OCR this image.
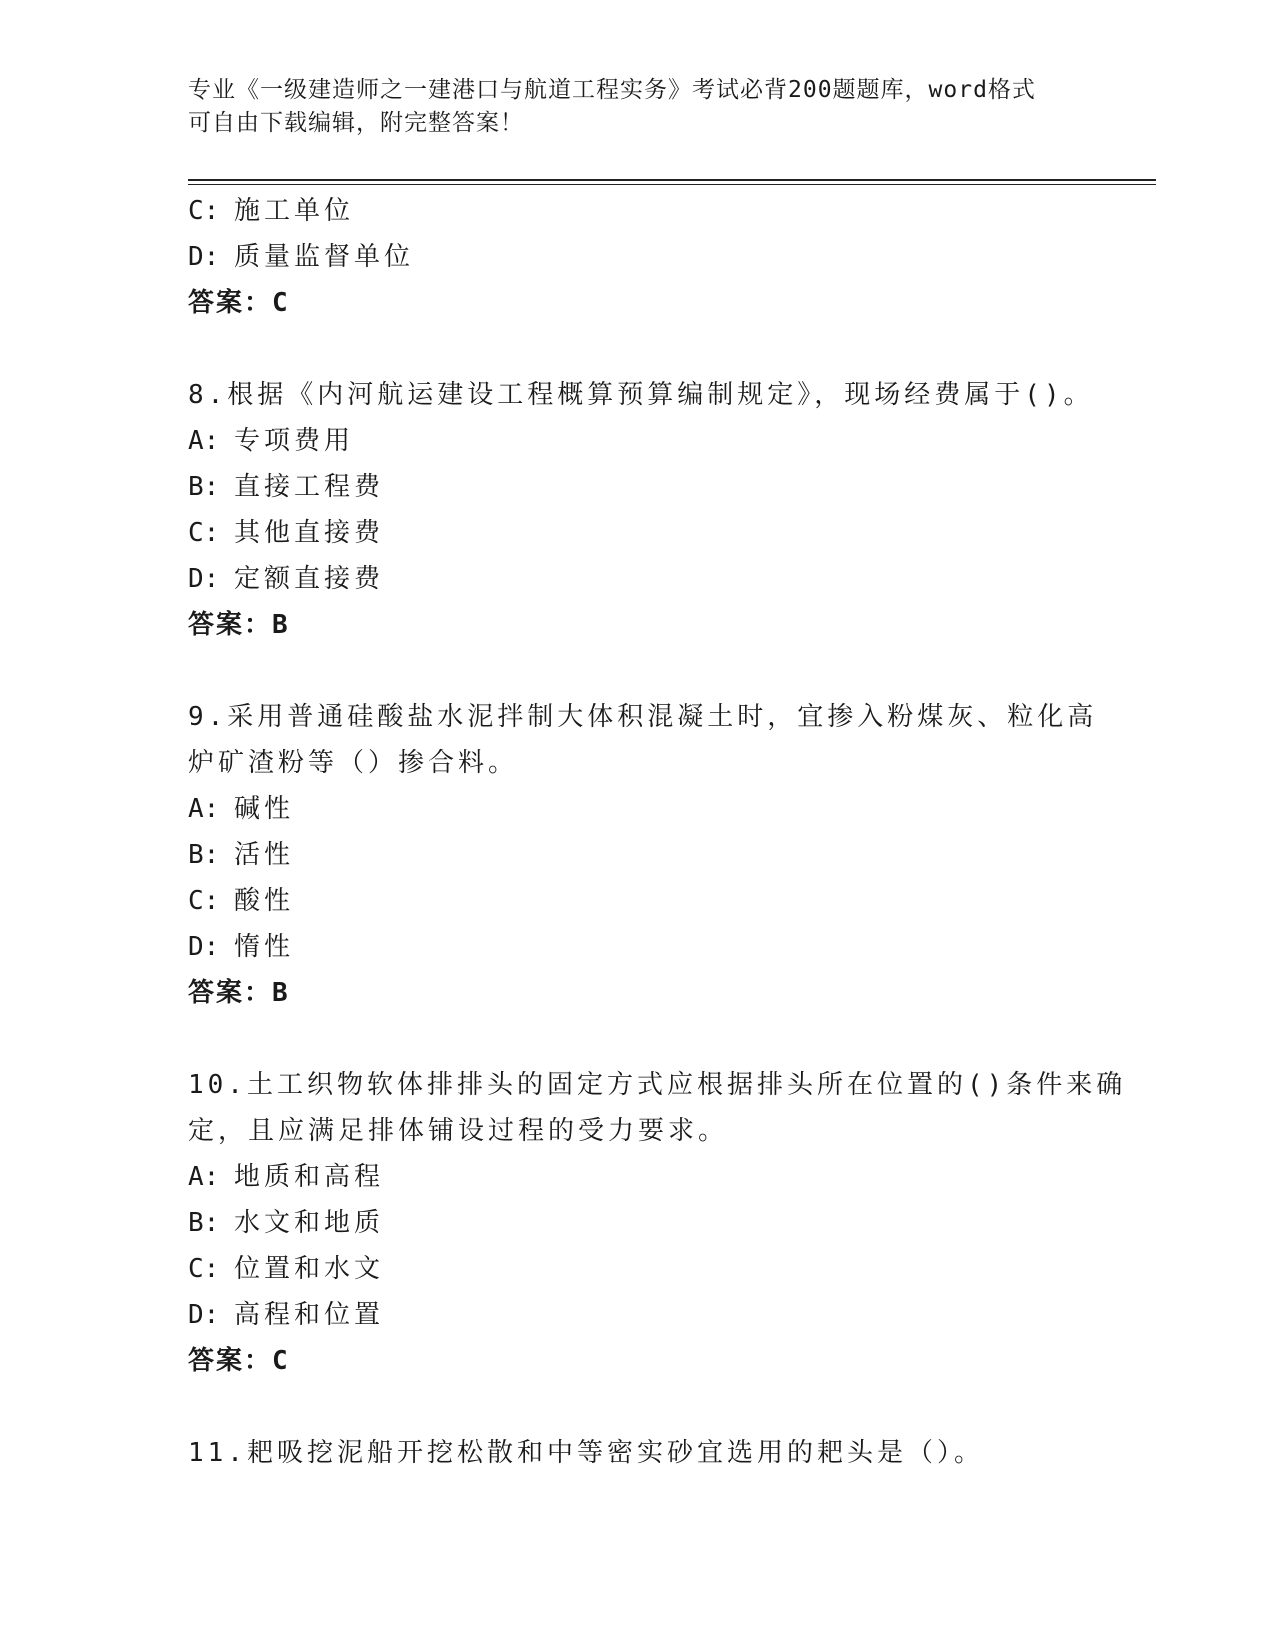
专业《一级建造师之一建港口与航道工程实务》考试必背200题题库，word格式
可自由下载编辑，附完整答案！
C: 施工单位
D: 质量监督单位
答案：C
8.根据《内河航运建设工程概算预算编制规定》，现场经费属于()。
A: 专项费用
B: 直接工程费
C: 其他直接费
D: 定额直接费
答案：B
9.采用普通硅酸盐水泥拌制大体积混凝土时，宜掺入粉煤灰、粒化高
炉矿渣粉等（）掺合料。
A: 碱性
B: 活性
C: 酸性
D: 惰性
答案：B
10.土工织物软体排排头的固定方式应根据排头所在位置的()条件来确
定，且应满足排体铺设过程的受力要求。
A: 地质和高程
B: 水文和地质
C: 位置和水文
D: 高程和位置
答案：C
11.耙吸挖泥船开挖松散和中等密实砂宜选用的耙头是（）。
